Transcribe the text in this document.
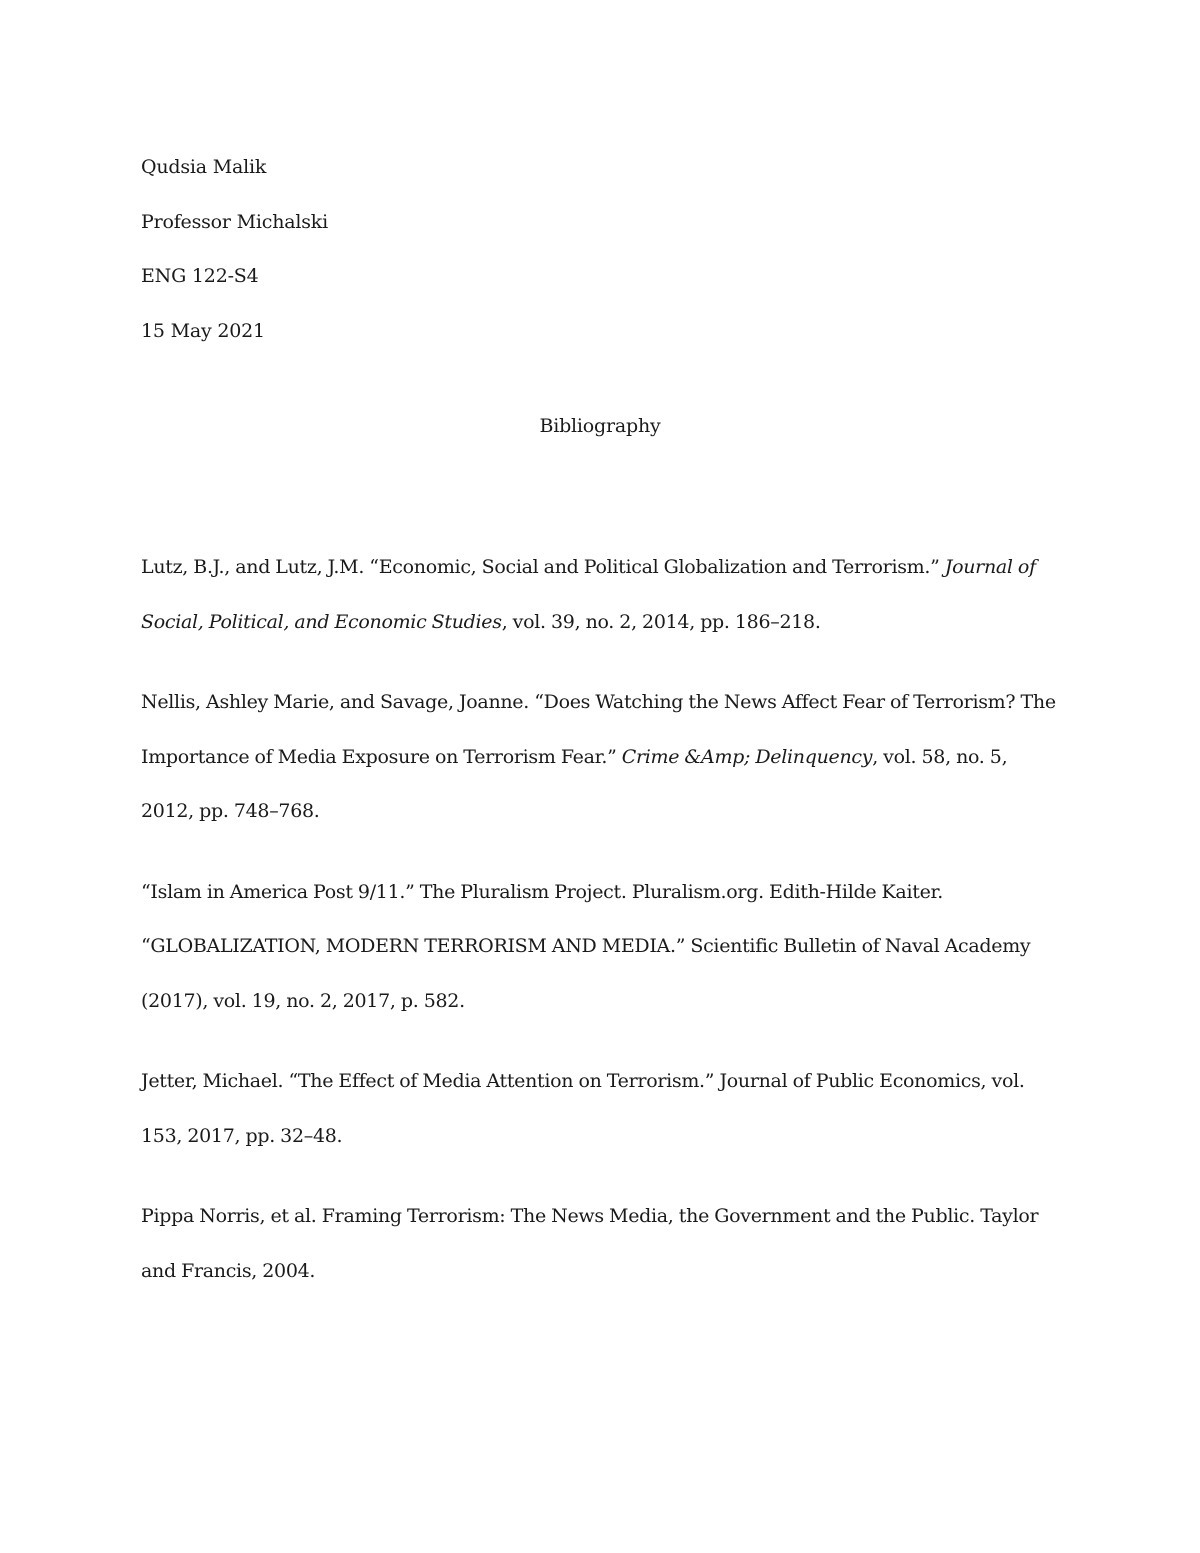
Qudsia Malik
Professor Michalski
ENG 122-S4
15 May 2021
Bibliography

Lutz, B.J., and Lutz, J.M. “Economic, Social and Political Globalization and Terrorism.” Journal of Social, Political, and Economic Studies, vol. 39, no. 2, 2014, pp. 186–218.

Nellis, Ashley Marie, and Savage, Joanne. “Does Watching the News Affect Fear of Terrorism? The Importance of Media Exposure on Terrorism Fear.” Crime &Amp; Delinquency, vol. 58, no. 5, 2012, pp. 748–768.

“Islam in America Post 9/11.” The Pluralism Project. Pluralism.org. Edith-Hilde Kaiter. “GLOBALIZATION, MODERN TERRORISM AND MEDIA.” Scientific Bulletin of Naval Academy (2017), vol. 19, no. 2, 2017, p. 582.

Jetter, Michael. “The Effect of Media Attention on Terrorism.” Journal of Public Economics, vol. 153, 2017, pp. 32–48.

Pippa Norris, et al. Framing Terrorism: The News Media, the Government and the Public. Taylor and Francis, 2004.
